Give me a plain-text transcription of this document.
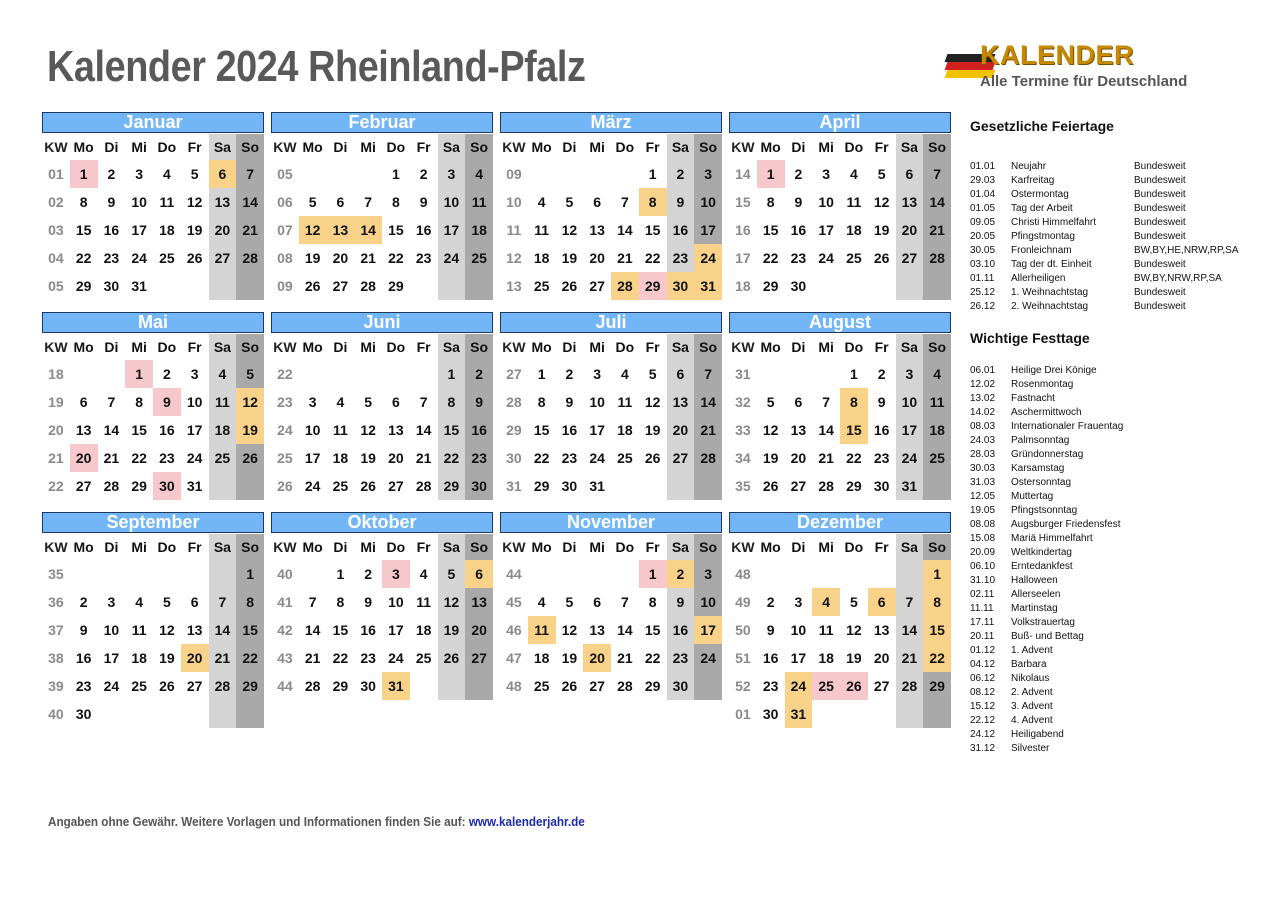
Kalender 2024 Rheinland-Pfalz	KALENDER
Alle Termine für Deutschland
Januar
KW	Mo	Di	Mi	Do	Fr	Sa	So
01	1	2	3	4	5	6	7
02	8	9	10	11	12	13	14
03	15	16	17	18	19	20	21
04	22	23	24	25	26	27	28
05	29	30	31				
Februar
KW	Mo	Di	Mi	Do	Fr	Sa	So
05				1	2	3	4
06	5	6	7	8	9	10	11
07	12	13	14	15	16	17	18
08	19	20	21	22	23	24	25
09	26	27	28	29			
März
KW	Mo	Di	Mi	Do	Fr	Sa	So
09					1	2	3
10	4	5	6	7	8	9	10
11	11	12	13	14	15	16	17
12	18	19	20	21	22	23	24
13	25	26	27	28	29	30	31
April
KW	Mo	Di	Mi	Do	Fr	Sa	So
14	1	2	3	4	5	6	7
15	8	9	10	11	12	13	14
16	15	16	17	18	19	20	21
17	22	23	24	25	26	27	28
18	29	30					
Mai
KW	Mo	Di	Mi	Do	Fr	Sa	So
18			1	2	3	4	5
19	6	7	8	9	10	11	12
20	13	14	15	16	17	18	19
21	20	21	22	23	24	25	26
22	27	28	29	30	31		
Juni
KW	Mo	Di	Mi	Do	Fr	Sa	So
22						1	2
23	3	4	5	6	7	8	9
24	10	11	12	13	14	15	16
25	17	18	19	20	21	22	23
26	24	25	26	27	28	29	30
Juli
KW	Mo	Di	Mi	Do	Fr	Sa	So
27	1	2	3	4	5	6	7
28	8	9	10	11	12	13	14
29	15	16	17	18	19	20	21
30	22	23	24	25	26	27	28
31	29	30	31				
August
KW	Mo	Di	Mi	Do	Fr	Sa	So
31				1	2	3	4
32	5	6	7	8	9	10	11
33	12	13	14	15	16	17	18
34	19	20	21	22	23	24	25
35	26	27	28	29	30	31	
September
KW	Mo	Di	Mi	Do	Fr	Sa	So
35							1
36	2	3	4	5	6	7	8
37	9	10	11	12	13	14	15
38	16	17	18	19	20	21	22
39	23	24	25	26	27	28	29
40	30						
Oktober
KW	Mo	Di	Mi	Do	Fr	Sa	So
40		1	2	3	4	5	6
41	7	8	9	10	11	12	13
42	14	15	16	17	18	19	20
43	21	22	23	24	25	26	27
44	28	29	30	31			
November
KW	Mo	Di	Mi	Do	Fr	Sa	So
44					1	2	3
45	4	5	6	7	8	9	10
46	11	12	13	14	15	16	17
47	18	19	20	21	22	23	24
48	25	26	27	28	29	30	
Dezember
KW	Mo	Di	Mi	Do	Fr	Sa	So
48							1
49	2	3	4	5	6	7	8
50	9	10	11	12	13	14	15
51	16	17	18	19	20	21	22
52	23	24	25	26	27	28	29
01	30	31					
Gesetzliche Feiertage
01.01 Neujahr	Bundesweit
29.03 Karfreitag	Bundesweit
01.04 Ostermontag	Bundesweit
01.05 Tag der Arbeit	Bundesweit
09.05 Christi Himmelfahrt	Bundesweit
20.05 Pfingstmontag	Bundesweit
30.05 Fronleichnam	BW,BY,HE,NRW,RP,SA
03.10 Tag der dt. Einheit	Bundesweit
01.11 Allerheiligen	BW,BY,NRW,RP,SA
25.12 1. Weihnachtstag	Bundesweit
26.12 2. Weihnachtstag	Bundesweit
Wichtige Festtage
06.01 Heilige Drei Könige
12.02 Rosenmontag
13.02 Fastnacht
14.02 Aschermittwoch
08.03 Internationaler Frauentag
24.03 Palmsonntag
28.03 Gründonnerstag
30.03 Karsamstag
31.03 Ostersonntag
12.05 Muttertag
19.05 Pfingstsonntag
08.08 Augsburger Friedensfest
15.08 Mariä Himmelfahrt
20.09 Weltkindertag
06.10 Erntedankfest
31.10 Halloween
02.11 Allerseelen
11.11 Martinstag
17.11 Volkstrauertag
20.11 Buß- und Bettag
01.12 1. Advent
04.12 Barbara
06.12 Nikolaus
08.12 2. Advent
15.12 3. Advent
22.12 4. Advent
24.12 Heiligabend
31.12 Silvester
Angaben ohne Gewähr. Weitere Vorlagen und Informationen finden Sie auf: www.kalenderjahr.de
